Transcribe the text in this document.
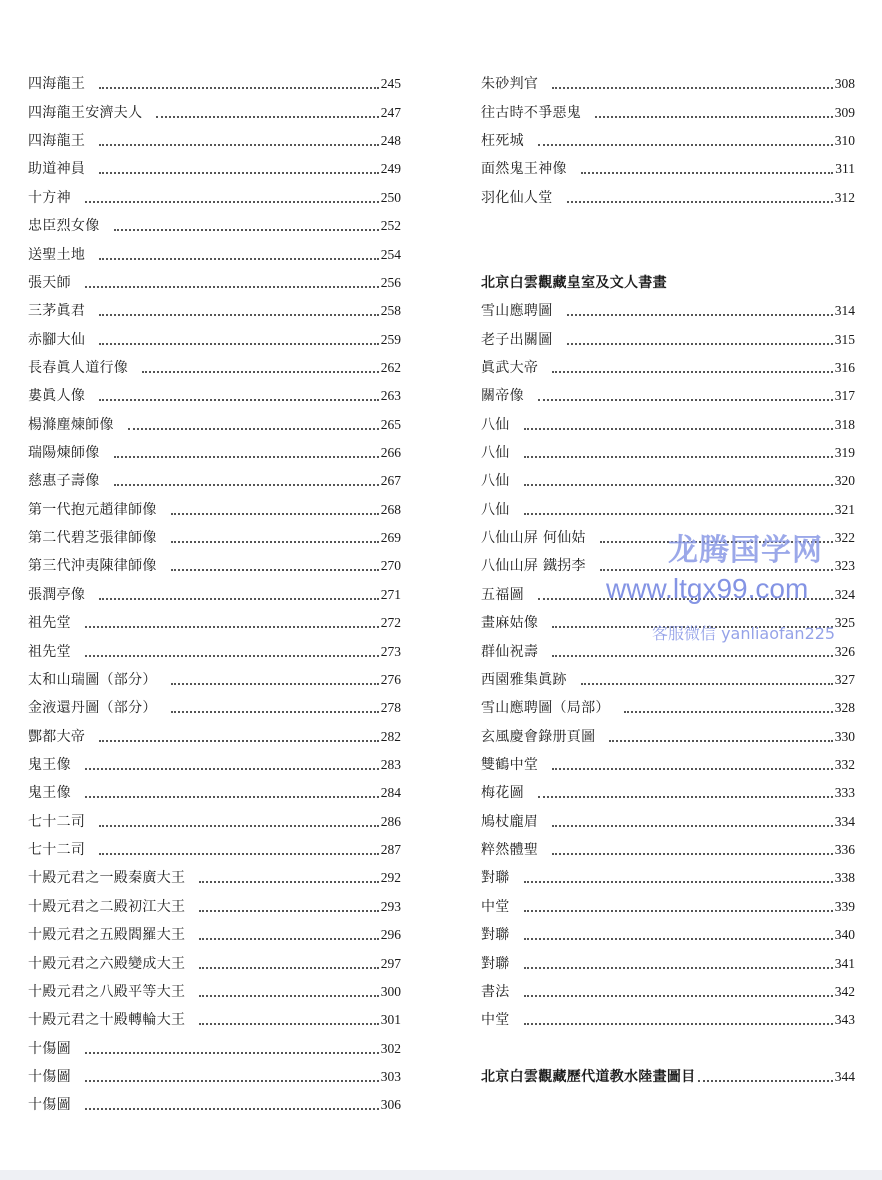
四海龍王	245
四海龍王安濟夫人	247
四海龍王	248
助道神員	249
十方神	250
忠臣烈女像	252
送聖土地	254
張天師	256
三茅眞君	258
赤腳大仙	259
長春眞人道行像	262
婁眞人像	263
楊滌塵煉師像	265
瑞陽煉師像	266
慈惠子壽像	267
第一代抱元趙律師像	268
第二代碧芝張律師像	269
第三代沖夷陳律師像	270
張潤亭像	271
祖先堂	272
祖先堂	273
太和山瑞圖（部分）	276
金液還丹圖（部分）	278
酆都大帝	282
鬼王像	283
鬼王像	284
七十二司	286
七十二司	287
十殿元君之一殿秦廣大王	292
十殿元君之二殿初江大王	293
十殿元君之五殿閻羅大王	296
十殿元君之六殿變成大王	297
十殿元君之八殿平等大王	300
十殿元君之十殿轉輪大王	301
十傷圖	302
十傷圖	303
十傷圖	306
朱砂判官	308
往古時不爭惡鬼	309
枉死城	310
面然鬼王神像	311
羽化仙人堂	312
北京白雲觀藏皇室及文人書畫
雪山應聘圖	314
老子出關圖	315
眞武大帝	316
關帝像	317
八仙	318
八仙	319
八仙	320
八仙	321
八仙山屏 何仙姑	322
八仙山屏 鐵拐李	323
五福圖	324
畫麻姑像	325
群仙祝壽	326
西園雅集眞跡	327
雪山應聘圖（局部）	328
玄風慶會錄册頁圖	330
雙鶴中堂	332
梅花圖	333
鳩杖龐眉	334
粹然體聖	336
對聯	338
中堂	339
對聯	340
對聯	341
書法	342
中堂	343
北京白雲觀藏歷代道教水陸畫圖目	344
龙腾国学网
www.ltgx99.com
客服微信 yanliaofan225
